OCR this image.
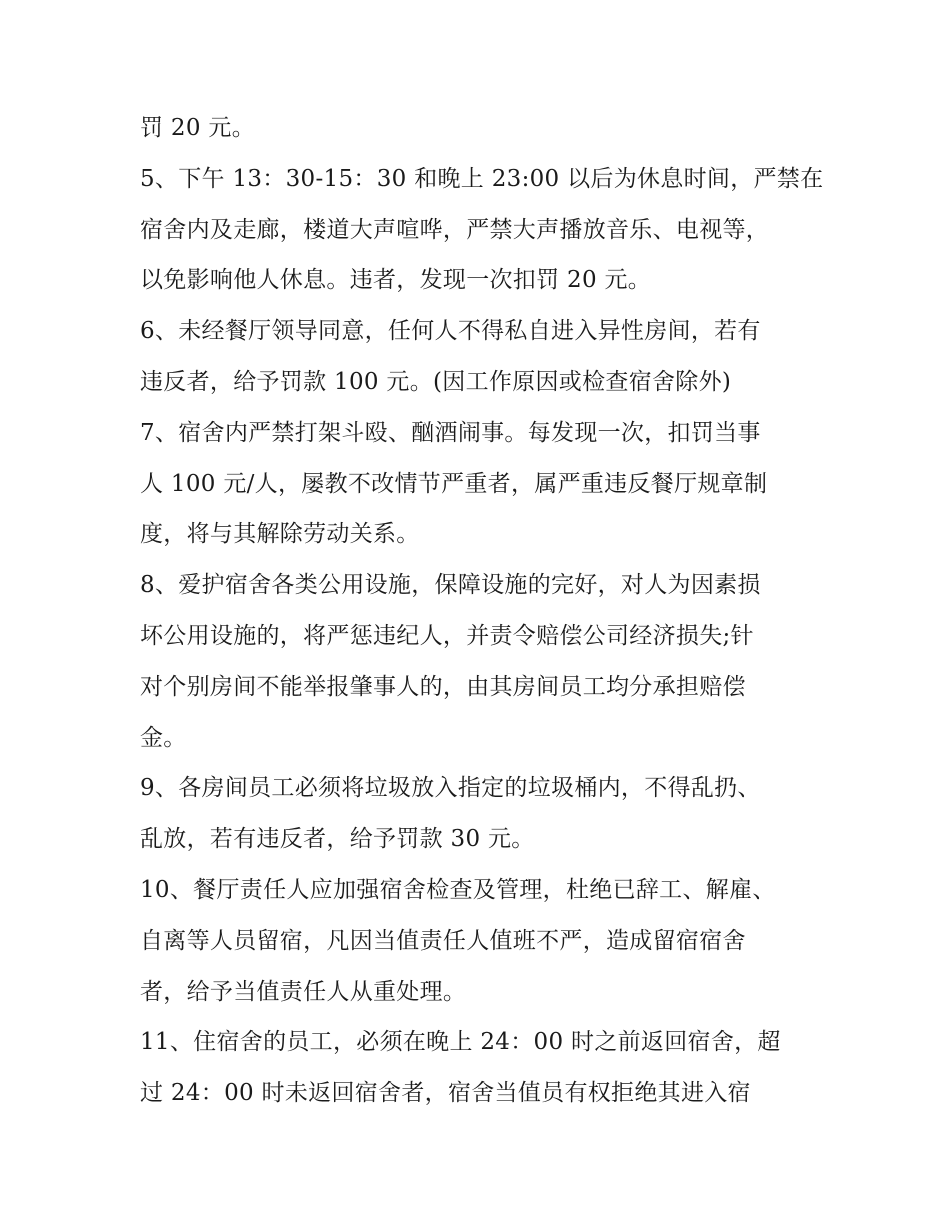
罚 20 元。
5、下午 13：30-15：30 和晚上 23:00 以后为休息时间，严禁在
宿舍内及走廊，楼道大声喧哗，严禁大声播放音乐、电视等，
以免影响他人休息。违者，发现一次扣罚 20 元。
6、未经餐厅领导同意，任何人不得私自进入异性房间，若有
违反者，给予罚款 100 元。(因工作原因或检查宿舍除外)
7、宿舍内严禁打架斗殴、酗酒闹事。每发现一次，扣罚当事
人 100 元/人，屡教不改情节严重者，属严重违反餐厅规章制
度，将与其解除劳动关系。
8、爱护宿舍各类公用设施，保障设施的完好，对人为因素损
坏公用设施的，将严惩违纪人，并责令赔偿公司经济损失;针
对个别房间不能举报肇事人的，由其房间员工均分承担赔偿
金。
9、各房间员工必须将垃圾放入指定的垃圾桶内，不得乱扔、
乱放，若有违反者，给予罚款 30 元。
10、餐厅责任人应加强宿舍检查及管理，杜绝已辞工、解雇、
自离等人员留宿，凡因当值责任人值班不严，造成留宿宿舍
者，给予当值责任人从重处理。
11、住宿舍的员工，必须在晚上 24：00 时之前返回宿舍，超
过 24：00 时未返回宿舍者，宿舍当值员有权拒绝其进入宿
